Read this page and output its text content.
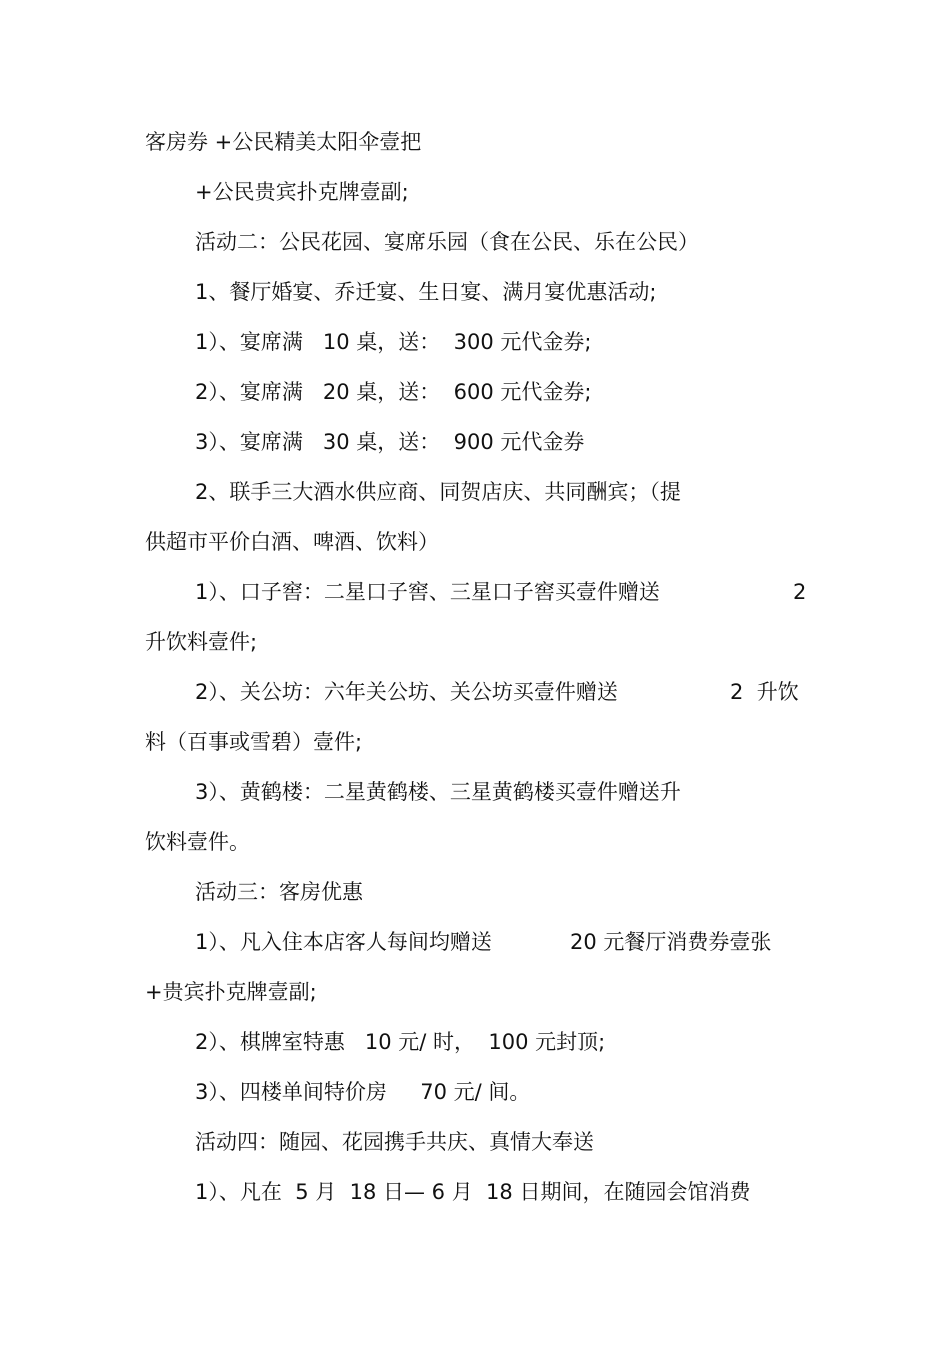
客房券 +公民精美太阳伞壹把
+公民贵宾扑克牌壹副;
活动二：公民花园、宴席乐园（食在公民、乐在公民）
1、餐厅婚宴、乔迁宴、生日宴、满月宴优惠活动;
1）、宴席满   10 桌，送：  300 元代金券;
2）、宴席满   20 桌，送：  600 元代金券;
3）、宴席满   30 桌，送：  900 元代金券
2、联手三大酒水供应商、同贺店庆、共同酬宾；（提
供超市平价白酒、啤酒、饮料）
1）、口子窖：二星口子窖、三星口子窖买壹件赠送	2
升饮料壹件;
2）、关公坊：六年关公坊、关公坊买壹件赠送	2  升饮
料（百事或雪碧）壹件;
3）、黄鹤楼：二星黄鹤楼、三星黄鹤楼买壹件赠送升
饮料壹件。
活动三：客房优惠
1）、凡入住本店客人每间均赠送	20 元餐厅消费券壹张
+贵宾扑克牌壹副;
2）、棋牌室特惠   10 元/ 时，  100 元封顶;
3）、四楼单间特价房     70 元/ 间。
活动四：随园、花园携手共庆、真情大奉送
1）、凡在  5 月  18 日— 6 月  18 日期间，在随园会馆消费
